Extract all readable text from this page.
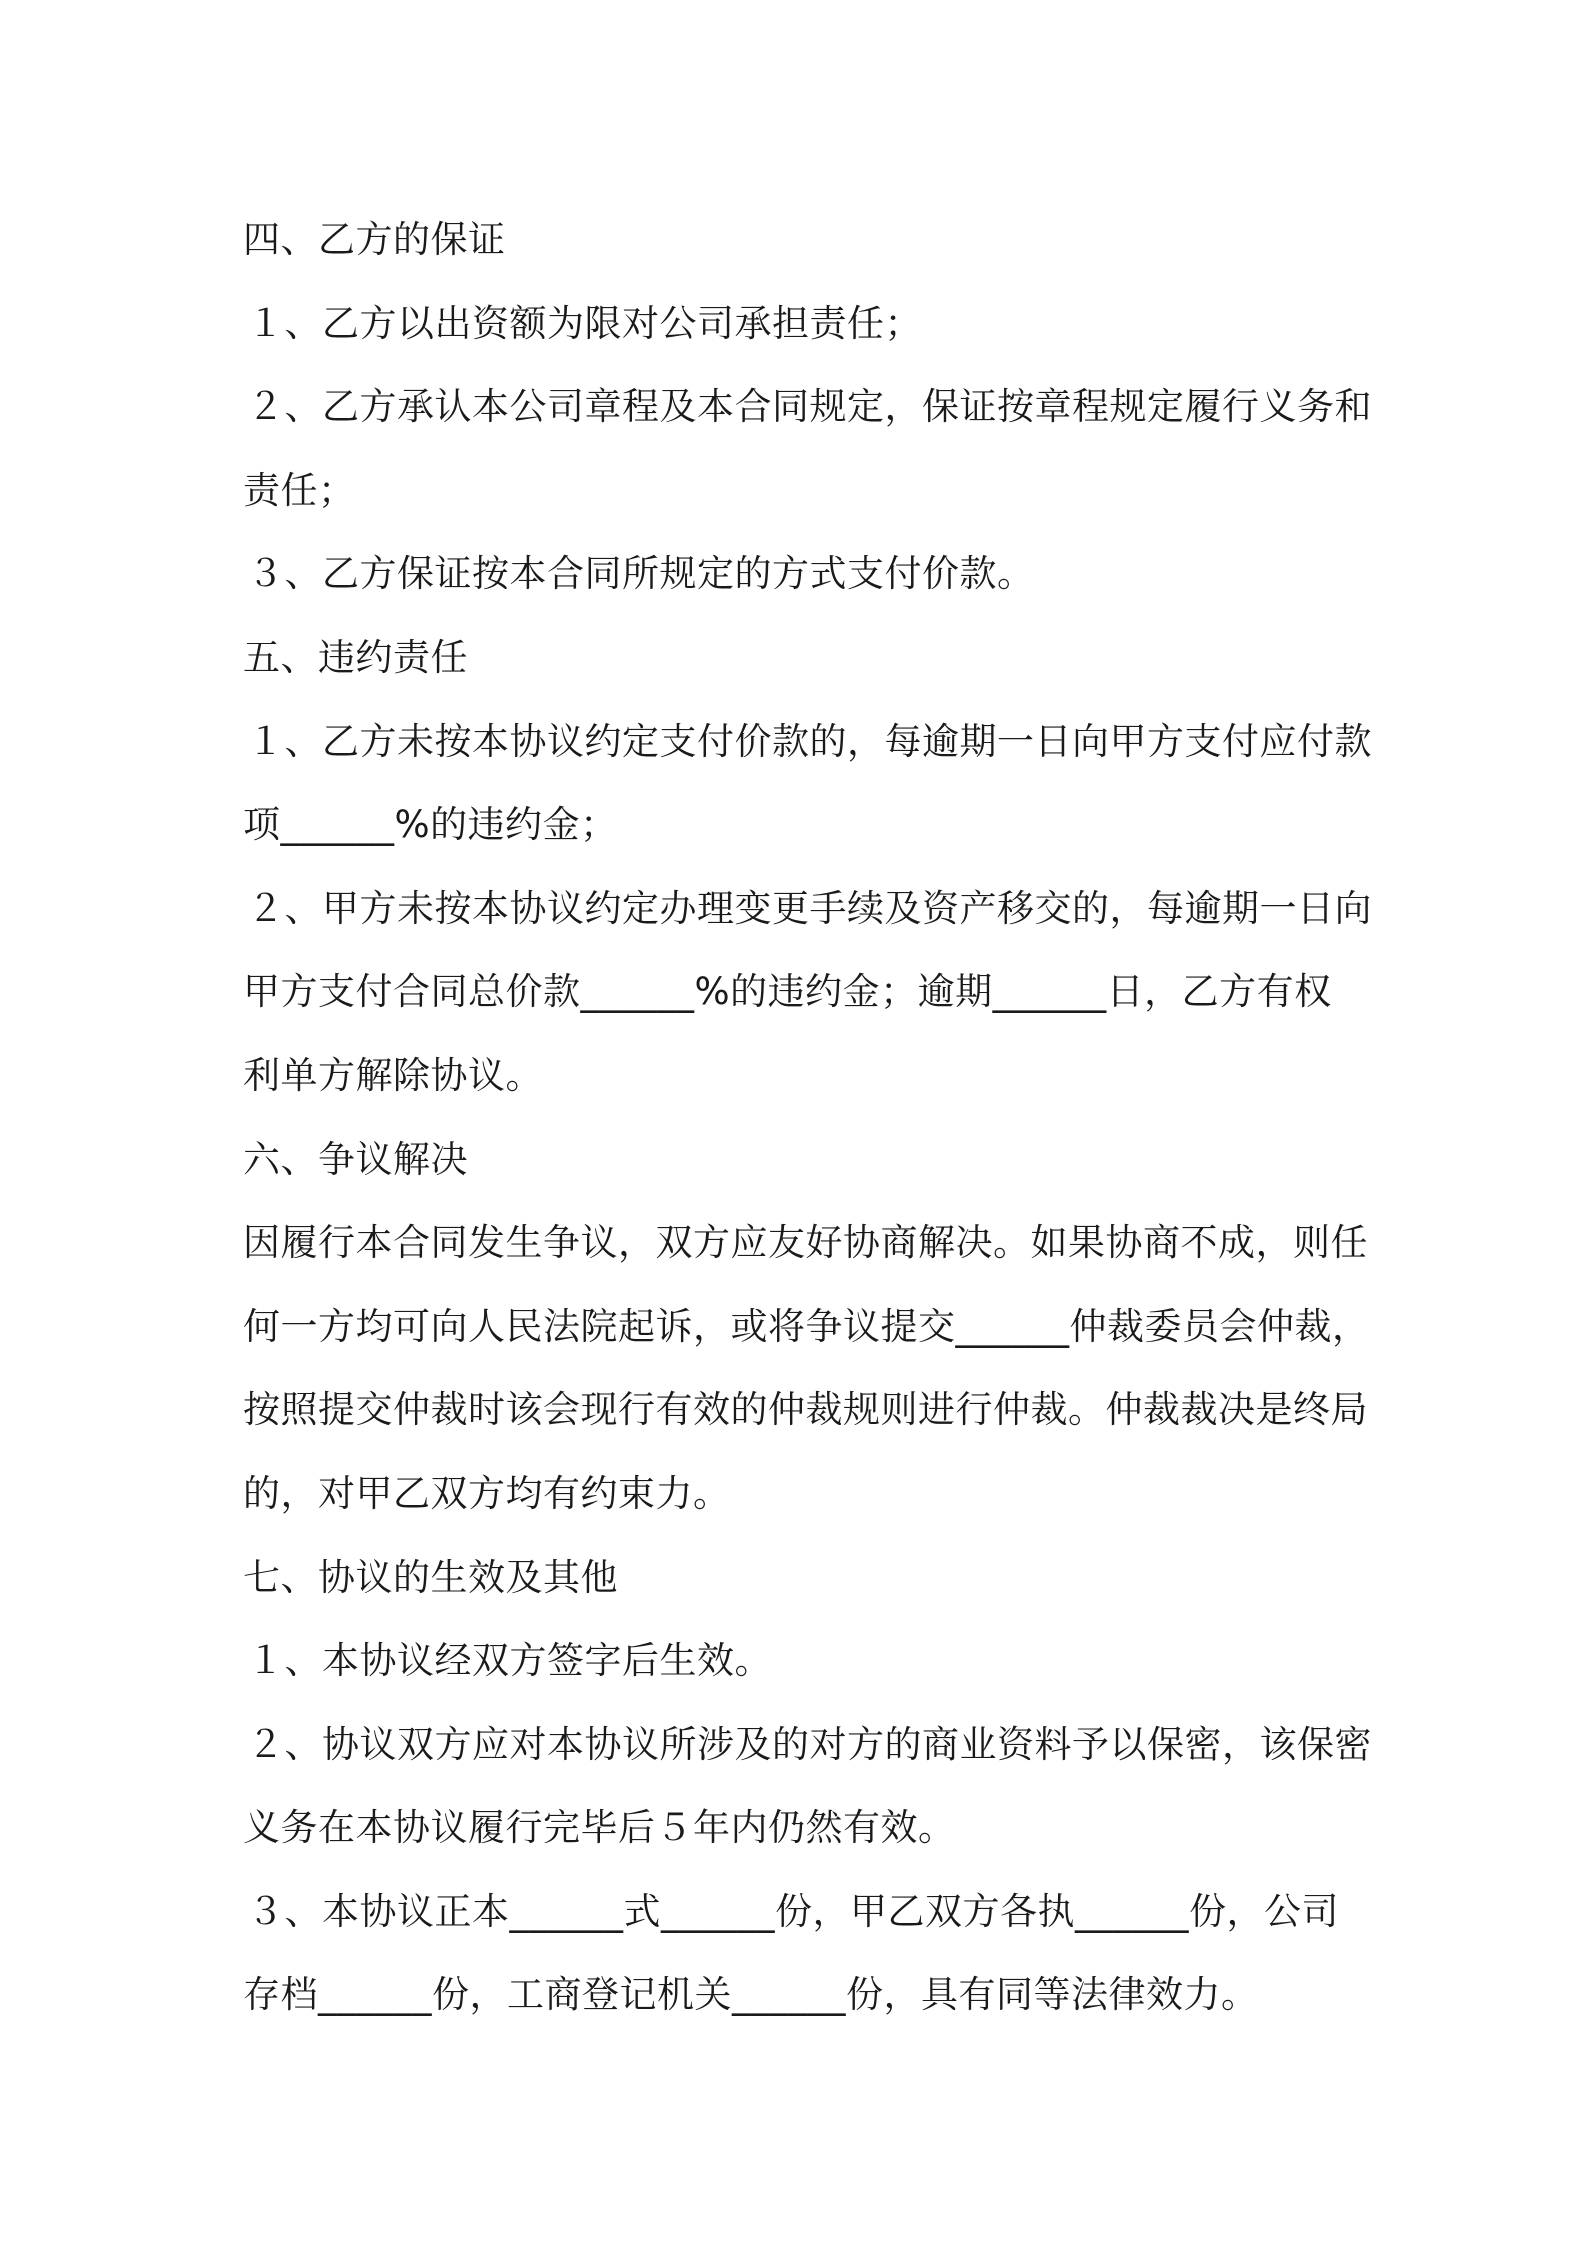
四、乙方的保证
１、乙方以出资额为限对公司承担责任；
２、乙方承认本公司章程及本合同规定，保证按章程规定履行义务和
责任；
３、乙方保证按本合同所规定的方式支付价款。
五、违约责任
１、乙方未按本协议约定支付价款的，每逾期一日向甲方支付应付款
项______%的违约金；
２、甲方未按本协议约定办理变更手续及资产移交的，每逾期一日向
甲方支付合同总价款______%的违约金；逾期______日，乙方有权
利单方解除协议。
六、争议解决
因履行本合同发生争议，双方应友好协商解决。如果协商不成，则任
何一方均可向人民法院起诉，或将争议提交______仲裁委员会仲裁，
按照提交仲裁时该会现行有效的仲裁规则进行仲裁。仲裁裁决是终局
的，对甲乙双方均有约束力。
七、协议的生效及其他
１、本协议经双方签字后生效。
２、协议双方应对本协议所涉及的对方的商业资料予以保密，该保密
义务在本协议履行完毕后５年内仍然有效。
３、本协议正本______式______份，甲乙双方各执______份，公司
存档______份，工商登记机关______份，具有同等法律效力。
